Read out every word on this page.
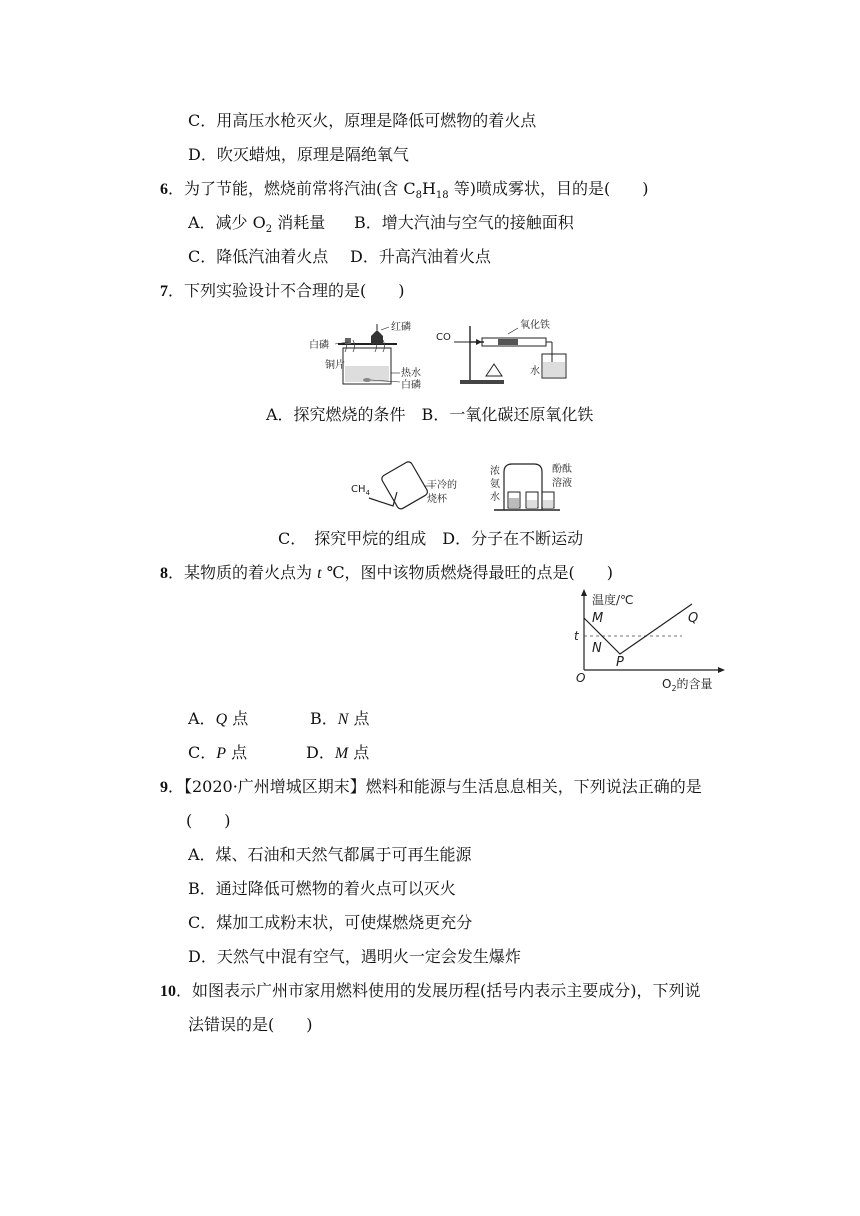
C．用高压水枪灭火，原理是降低可燃物的着火点
D．吹灭蜡烛，原理是隔绝氧气
6．为了节能，燃烧前常将汽油(含 $C_8H_{18}$ 等)喷成雾状，目的是(　　)
A．减少 $O_2$ 消耗量 B．增大汽油与空气的接触面积
C．降低汽油着火点 D．升高汽油着火点
7．下列实验设计不合理的是(　　)
白磷
红磷
铜片
热水
白磷
CO
氧化铁
水
A．探究燃烧的条件　B．一氧化碳还原氧化铁
$CH_4$
干冷的
烧杯
浓
氨
水
酚酞
溶液
C．　探究甲烷的组成　D．分子在不断运动
8．某物质的着火点为 t ℃，图中该物质燃烧得最旺的点是(　　)
温度/℃
O
t
M
N
P
Q
$O_2$的含量
A．Q 点	B．N 点
C．P 点	D．M 点
9．【2020·广州增城区期末】燃料和能源与生活息息相关，下列说法正确的是
(　　)
A．煤、石油和天然气都属于可再生能源
B．通过降低可燃物的着火点可以灭火
C．煤加工成粉末状，可使煤燃烧更充分
D．天然气中混有空气，遇明火一定会发生爆炸
10．如图表示广州市家用燃料使用的发展历程(括号内表示主要成分)，下列说
法错误的是(　　)
